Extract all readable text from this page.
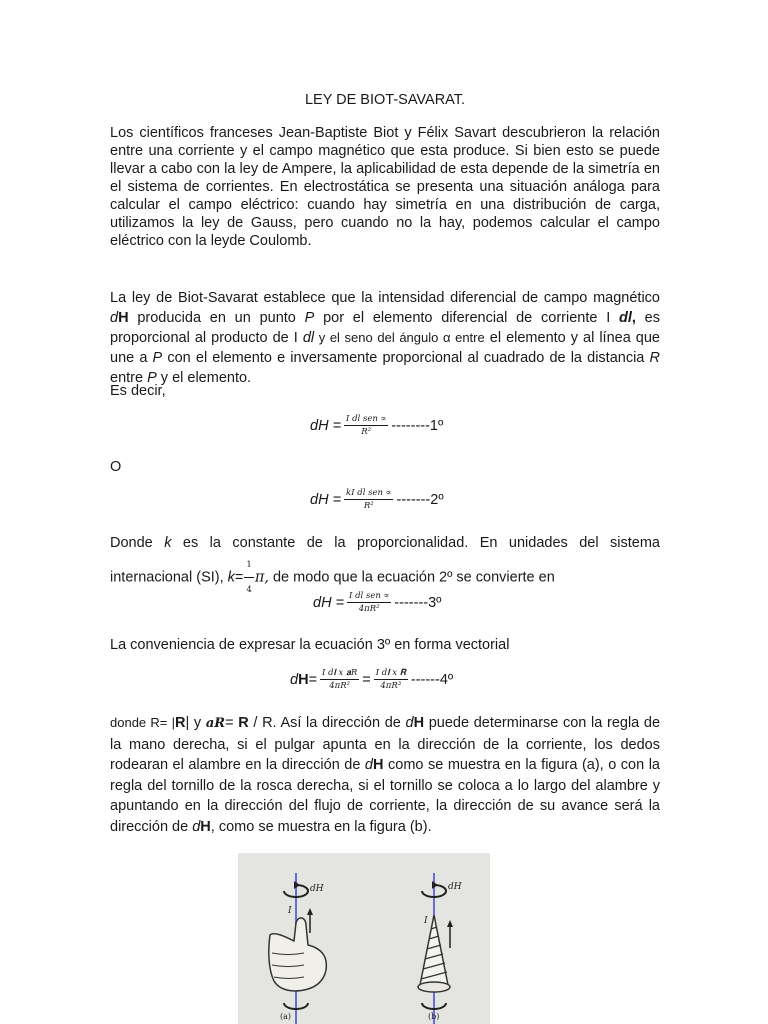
LEY DE BIOT-SAVARAT.

Los científicos franceses Jean-Baptiste Biot y Félix Savart descubrieron la relación entre una corriente y el campo magnético que esta produce. Si bien esto se puede llevar a cabo con la ley de Ampere, la aplicabilidad de esta depende de la simetría en el sistema de corrientes. En electrostática se presenta una situación análoga para calcular el campo eléctrico: cuando hay simetría en una distribución de carga, utilizamos la ley de Gauss, pero cuando no la hay, podemos calcular el campo eléctrico con la leyde Coulomb.

La ley de Biot-Savarat establece que la intensidad diferencial de campo magnético dH producida en un punto P por el elemento diferencial de corriente I dl, es proporcional al producto de I dl y el seno del ángulo α entre el elemento y al línea que une a P con el elemento e inversamente proporcional al cuadrado de la distancia R entre P y el elemento.

Es decir,

dH = $\frac{\text{I dl sen ∝}}{\text{R²}}$ --------1º

O

dH = $\frac{\text{kI dl sen ∝}}{\text{R²}}$ -------2º

Donde k es la constante de la proporcionalidad. En unidades del sistema internacional (SI), $k= \frac{1}{4} \pi$, de modo que la ecuación 2º se convierte en

dH = $\frac{\text{I dl sen ∝}}{\text{4πR²}}$ -------3º

La conveniencia de expresar la ecuación 3º en forma vectorial

d $H = \frac{\text{I d𝐥 x 𝐚R}}{\text{4πR²}} = \frac{\text{I d𝐥 x 𝐑}}{\text{4πR³}}$ ------4º

donde R= |R| y 𝒂R= R / R. Así la dirección de dH puede determinarse con la regla de la mano derecha, si el pulgar apunta en la dirección de la corriente, los dedos rodearan el alambre en la dirección de dH como se muestra en la figura (a), o con la regla del tornillo de la rosca derecha, si el tornillo se coloca a lo largo del alambre y apuntando en la dirección del flujo de corriente, la dirección de su avance será la dirección de dH, como se muestra en la figura (b).

dH
I
(a)
dH
I
(b)
